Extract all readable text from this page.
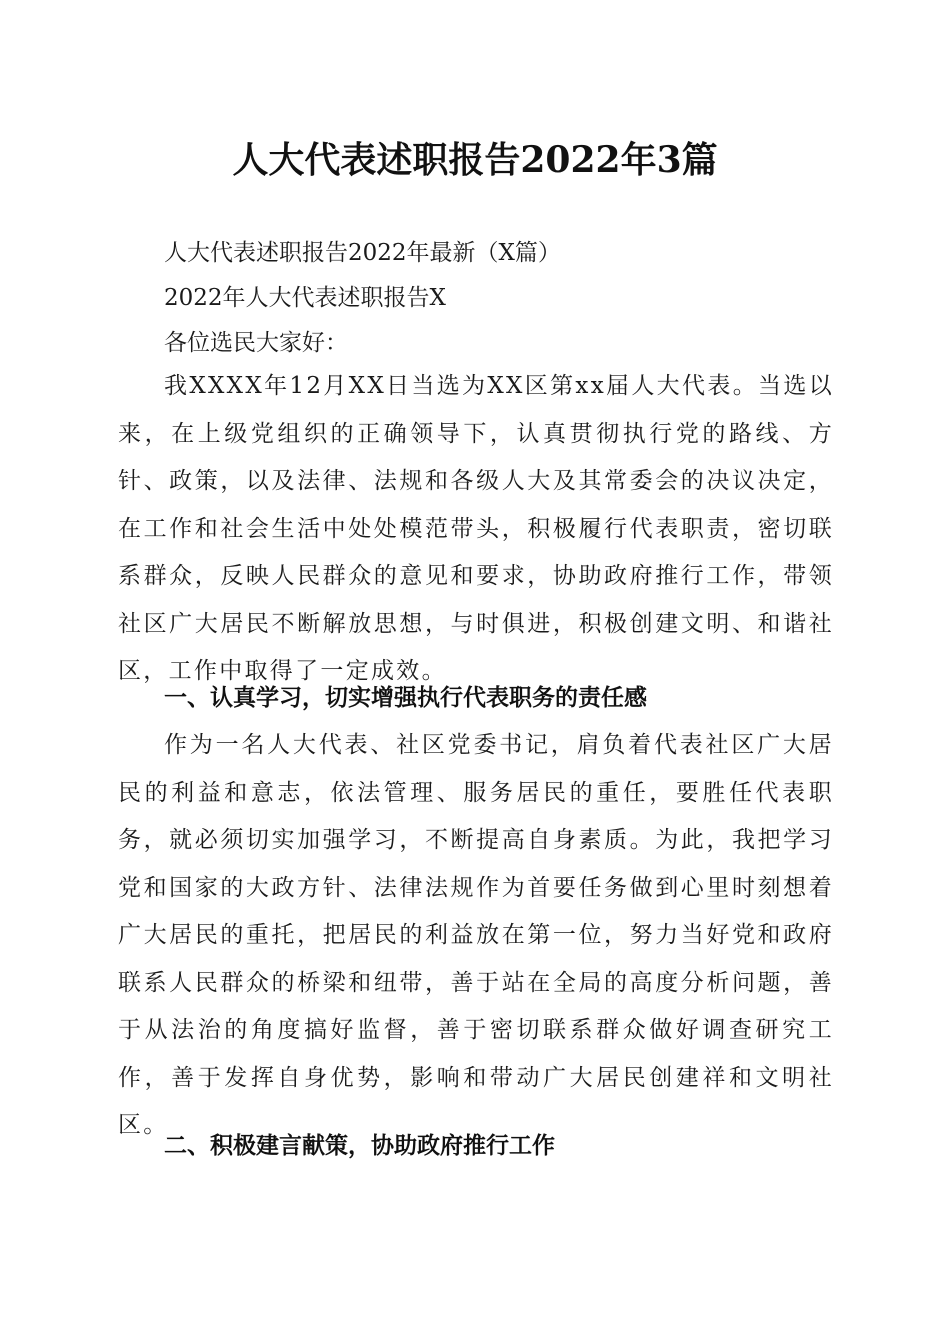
人大代表述职报告2022年3篇

人大代表述职报告2022年最新（X篇）

2022年人大代表述职报告X

各位选民大家好：

我XXXX年12月XX日当选为XX区第xx届人大代表。当选以来，在上级党组织的正确领导下，认真贯彻执行党的路线、方针、政策，以及法律、法规和各级人大及其常委会的决议决定，在工作和社会生活中处处模范带头，积极履行代表职责，密切联系群众，反映人民群众的意见和要求，协助政府推行工作，带领社区广大居民不断解放思想，与时俱进，积极创建文明、和谐社区，工作中取得了一定成效。

一、认真学习，切实增强执行代表职务的责任感

作为一名人大代表、社区党委书记，肩负着代表社区广大居民的利益和意志，依法管理、服务居民的重任，要胜任代表职务，就必须切实加强学习，不断提高自身素质。为此，我把学习党和国家的大政方针、法律法规作为首要任务做到心里时刻想着广大居民的重托，把居民的利益放在第一位，努力当好党和政府联系人民群众的桥梁和纽带，善于站在全局的高度分析问题，善于从法治的角度搞好监督，善于密切联系群众做好调查研究工作，善于发挥自身优势，影响和带动广大居民创建祥和文明社区。

二、积极建言献策，协助政府推行工作
